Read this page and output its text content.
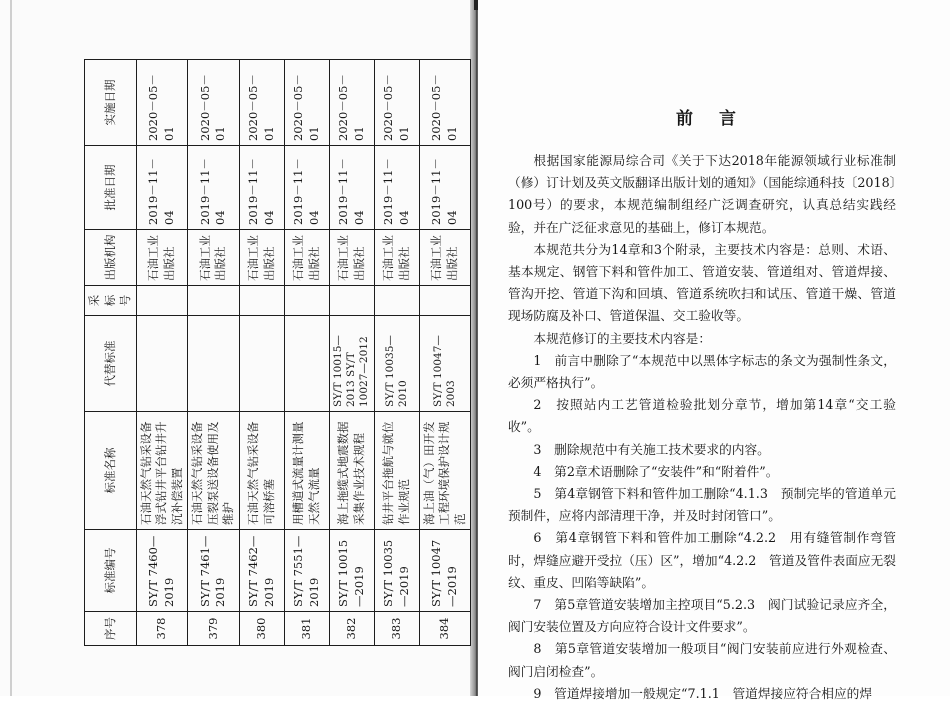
序号	标准编号	标准名称	代替标准	采标号	出版机构	批准日期	实施日期
378	SY/T 7460—2019	石油天然气钻采设备 浮式钻井平台钻井升沉补偿装置			石油工业出版社	2019－11－04	2020－05－01
379	SY/T 7461—2019	石油天然气钻采设备 压裂泵送设备使用及维护			石油工业出版社	2019－11－04	2020－05－01
380	SY/T 7462—2019	石油天然气钻采设备 可溶桥塞			石油工业出版社	2019－11－04	2020－05－01
381	SY/T 7551—2019	用槽道式流量计测量天然气流量			石油工业出版社	2019－11－04	2020－05－01
382	SY/T 10015—2019	海上拖缆式地震数据采集作业技术规程	SY/T 10015—2013 SY/T 10027—2012		石油工业出版社	2019－11－04	2020－05－01
383	SY/T 10035—2019	钻井平台拖航与就位作业规范	SY/T 10035—2010		石油工业出版社	2019－11－04	2020－05－01
384	SY/T 10047—2019	海上油（气）田开发工程环境保护设计规范	SY/T 10047—2003		石油工业出版社	2019－11－04	2020－05－01
前言

根据国家能源局综合司《关于下达2018年能源领域行业标准制（修）订计划及英文版翻译出版计划的通知》（国能综通科技〔2018〕100号）的要求，本规范编制组经广泛调查研究，认真总结实践经验，并在广泛征求意见的基础上，修订本规范。

本规范共分为14章和3个附录，主要技术内容是：总则、术语、基本规定、钢管下料和管件加工、管道安装、管道组对、管道焊接、管沟开挖、管道下沟和回填、管道系统吹扫和试压、管道干燥、管道现场防腐及补口、管道保温、交工验收等。

本规范修订的主要技术内容是：

1　前言中删除了“本规范中以黑体字标志的条文为强制性条文，必须严格执行”。

2　按照站内工艺管道检验批划分章节，增加第14章“交工验收”。

3　删除规范中有关施工技术要求的内容。

4　第2章术语删除了“安装件”和“附着件”。

5　第4章钢管下料和管件加工删除“4.1.3　预制完毕的管道单元预制件，应将内部清理干净，并及时封闭管口”。

6　第4章钢管下料和管件加工删除“4.2.2　用有缝管制作弯管时，焊缝应避开受拉（压）区”，增加“4.2.2　管道及管件表面应无裂纹、重皮、凹陷等缺陷”。

7　第5章管道安装增加主控项目“5.2.3　阀门试验记录应齐全，阀门安装位置及方向应符合设计文件要求”。

8　第5章管道安装增加一般项目“阀门安装前应进行外观检查、阀门启闭检查”。

9　管道焊接增加一般规定“7.1.1　管道焊接应符合相应的焊
